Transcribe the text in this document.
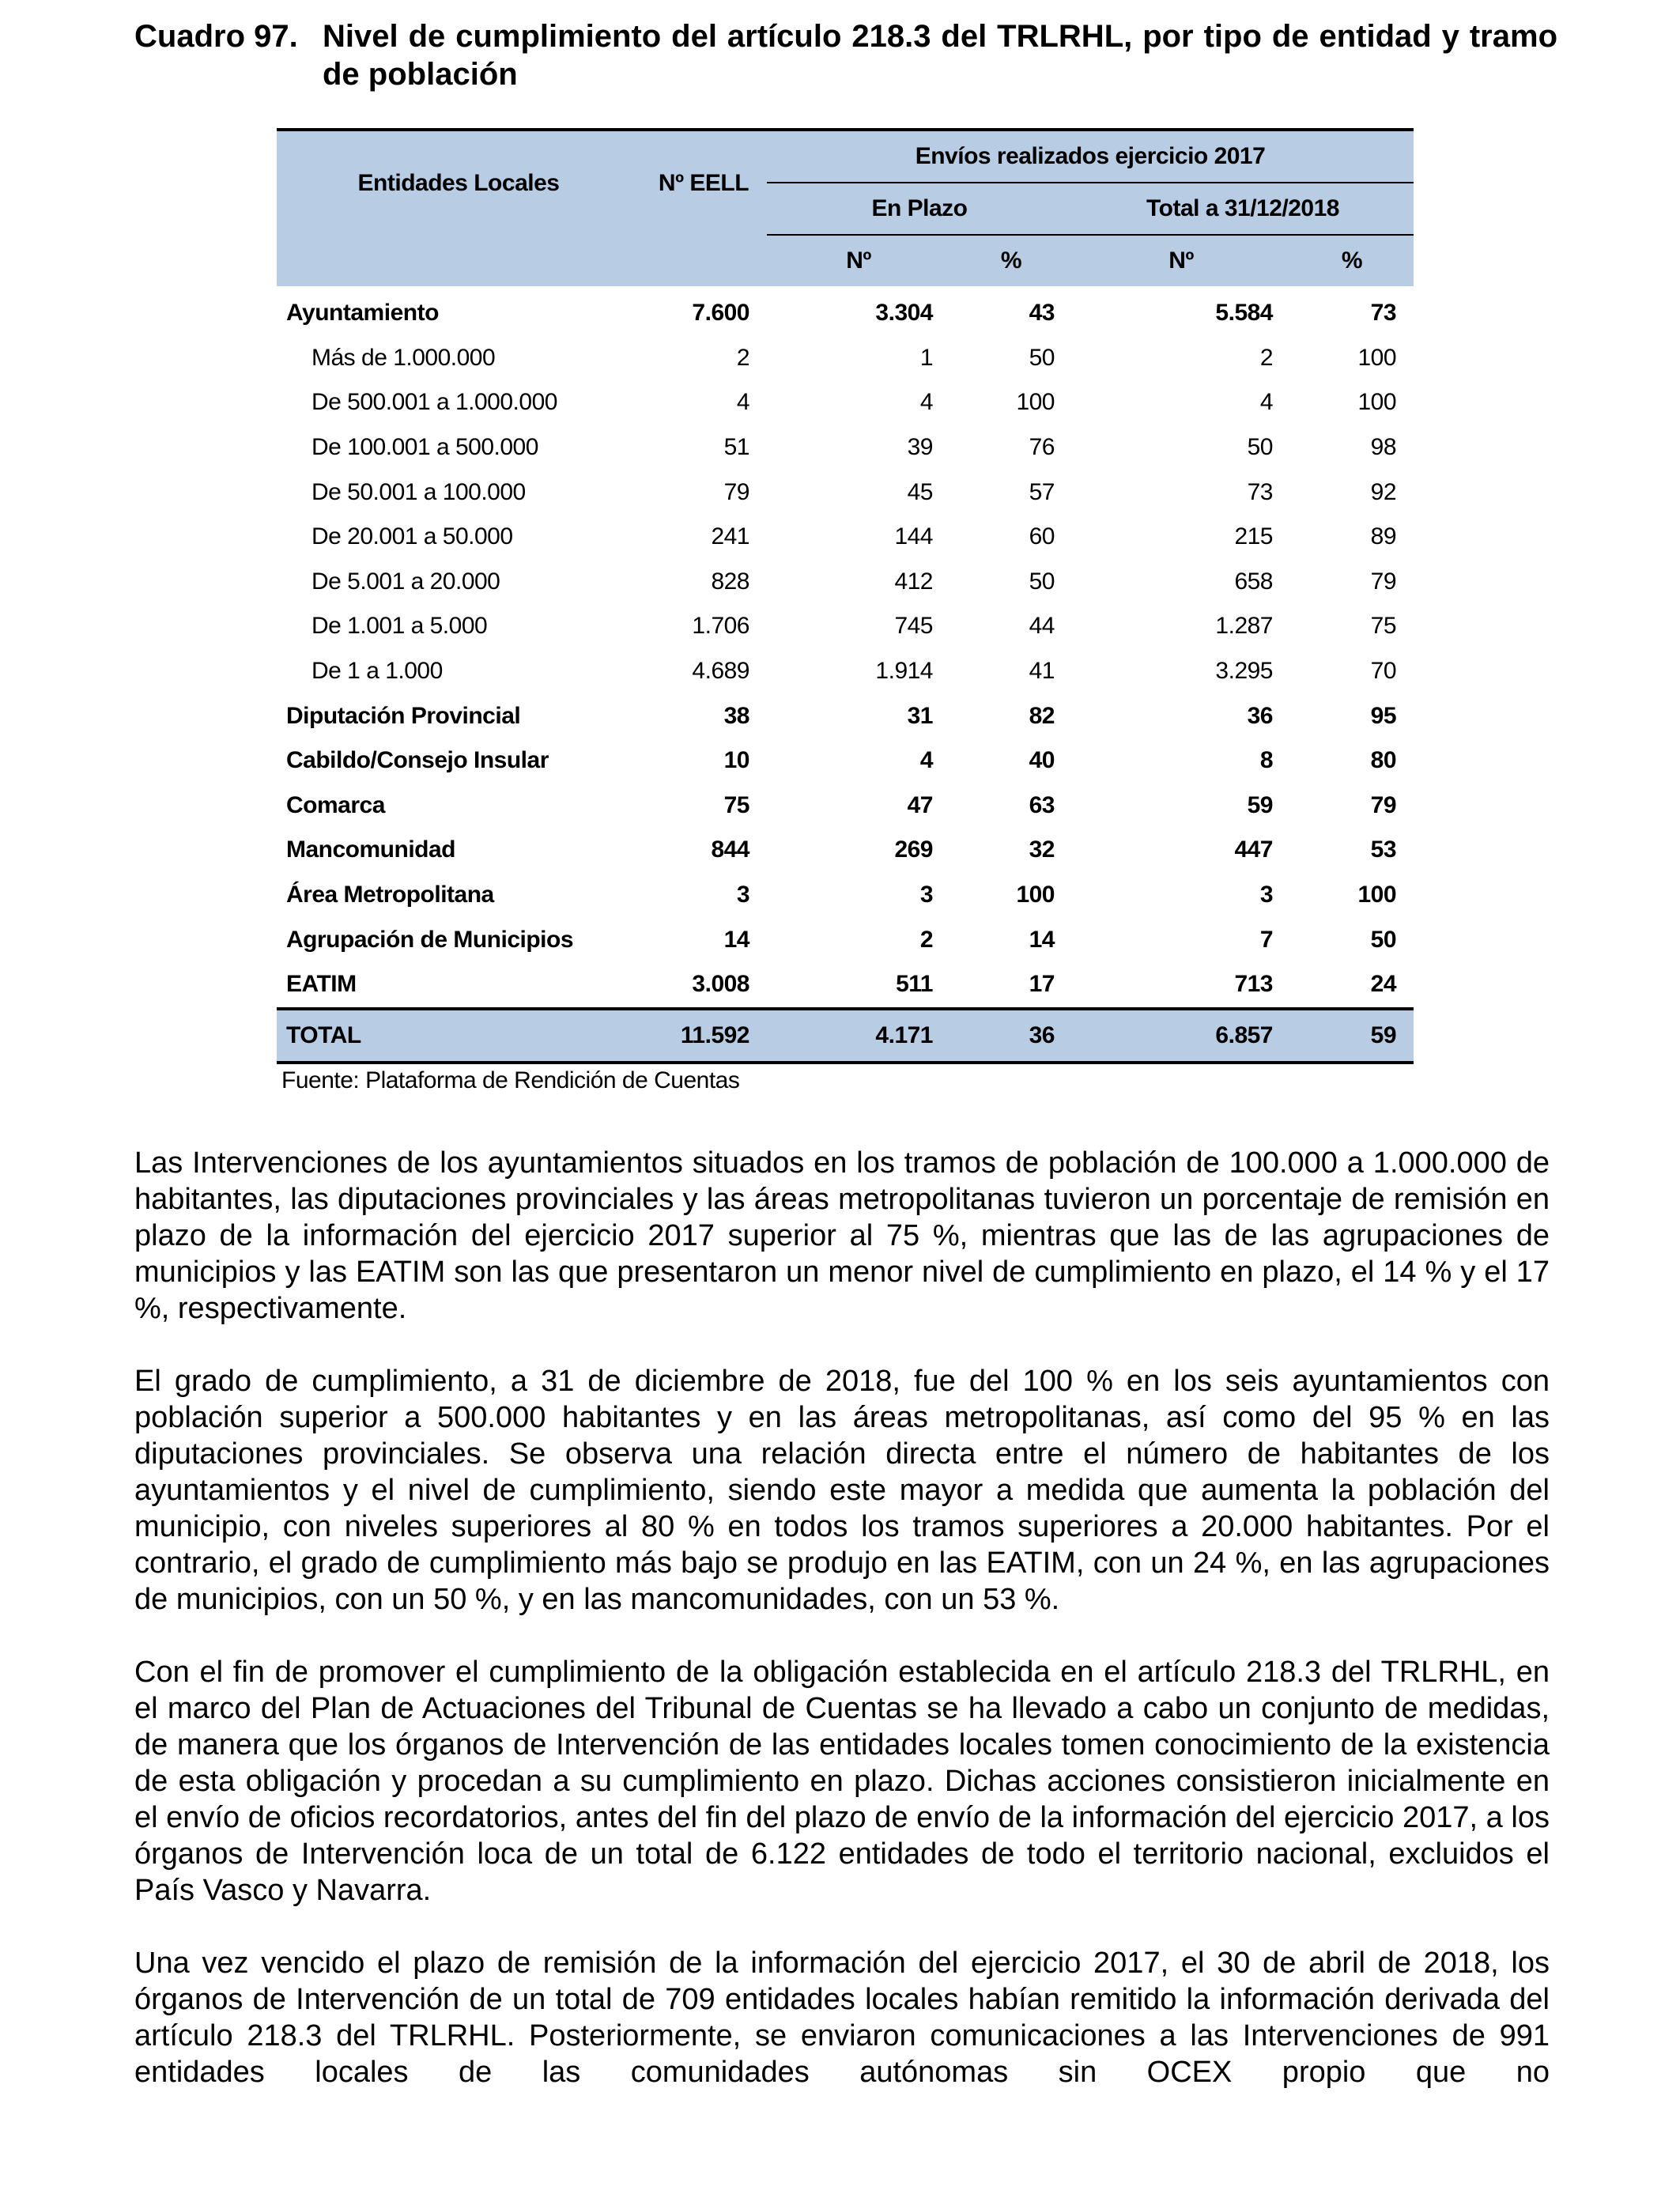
Cuadro 97. Nivel de cumplimiento del artículo 218.3 del TRLRHL, por tipo de entidad y tramo de población
Entidades Locales	Nº EELL	Envíos realizados ejercicio 2017			
		En Plazo		Total a 31/12/2018	
		Nº	%	Nº	%
Ayuntamiento	7.600	3.304	43	5.584	73
Más de 1.000.000	2	1	50	2	100
De 500.001 a 1.000.000	4	4	100	4	100
De 100.001 a 500.000	51	39	76	50	98
De 50.001 a 100.000	79	45	57	73	92
De 20.001 a 50.000	241	144	60	215	89
De 5.001 a 20.000	828	412	50	658	79
De 1.001 a 5.000	1.706	745	44	1.287	75
De 1 a 1.000	4.689	1.914	41	3.295	70
Diputación Provincial	38	31	82	36	95
Cabildo/Consejo Insular	10	4	40	8	80
Comarca	75	47	63	59	79
Mancomunidad	844	269	32	447	53
Área Metropolitana	3	3	100	3	100
Agrupación de Municipios	14	2	14	7	50
EATIM	3.008	511	17	713	24
TOTAL	11.592	4.171	36	6.857	59
Fuente: Plataforma de Rendición de Cuentas

Las Intervenciones de los ayuntamientos situados en los tramos de población de 100.000 a 1.000.000 de habitantes, las diputaciones provinciales y las áreas metropolitanas tuvieron un porcentaje de remisión en plazo de la información del ejercicio 2017 superior al 75 %, mientras que las de las agrupaciones de municipios y las EATIM son las que presentaron un menor nivel de cumplimiento en plazo, el 14 % y el 17 %, respectivamente.

El grado de cumplimiento, a 31 de diciembre de 2018, fue del 100 % en los seis ayuntamientos con población superior a 500.000 habitantes y en las áreas metropolitanas, así como del 95 % en las diputaciones provinciales. Se observa una relación directa entre el número de habitantes de los ayuntamientos y el nivel de cumplimiento, siendo este mayor a medida que aumenta la población del municipio, con niveles superiores al 80 % en todos los tramos superiores a 20.000 habitantes. Por el contrario, el grado de cumplimiento más bajo se produjo en las EATIM, con un 24 %, en las agrupaciones de municipios, con un 50 %, y en las mancomunidades, con un 53 %.

Con el fin de promover el cumplimiento de la obligación establecida en el artículo 218.3 del TRLRHL, en el marco del Plan de Actuaciones del Tribunal de Cuentas se ha llevado a cabo un conjunto de medidas, de manera que los órganos de Intervención de las entidades locales tomen conocimiento de la existencia de esta obligación y procedan a su cumplimiento en plazo. Dichas acciones consistieron inicialmente en el envío de oficios recordatorios, antes del fin del plazo de envío de la información del ejercicio 2017, a los órganos de Intervención loca de un total de 6.122 entidades de todo el territorio nacional, excluidos el País Vasco y Navarra.

Una vez vencido el plazo de remisión de la información del ejercicio 2017, el 30 de abril de 2018, los órganos de Intervención de un total de 709 entidades locales habían remitido la información derivada del artículo 218.3 del TRLRHL. Posteriormente, se enviaron comunicaciones a las Intervenciones de 991 entidades locales de las comunidades autónomas sin OCEX propio que no
